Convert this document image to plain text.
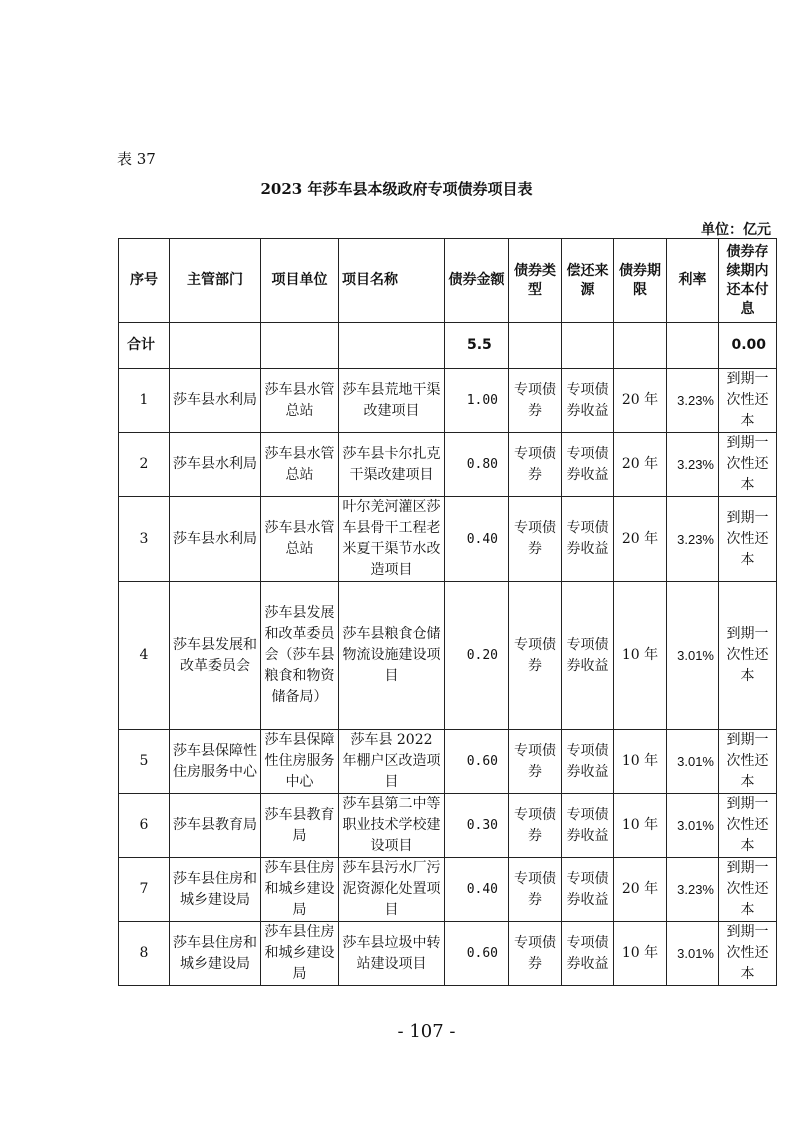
表 37
2023 年莎车县本级政府专项债券项目表
单位：亿元
序号	主管部门	项目单位	项目名称	债券金额	债券类型	偿还来源	债券期限	利率	债券存续期内还本付息
合计				5.5					0.00
1	莎车县水利局	莎车县水管总站	莎车县荒地干渠改建项目	1.00	专项债券	专项债券收益	20 年	3.23%	到期一次性还本
2	莎车县水利局	莎车县水管总站	莎车县卡尔扎克干渠改建项目	0.80	专项债券	专项债券收益	20 年	3.23%	到期一次性还本
3	莎车县水利局	莎车县水管总站	叶尔羌河灌区莎车县骨干工程老米夏干渠节水改造项目	0.40	专项债券	专项债券收益	20 年	3.23%	到期一次性还本
4	莎车县发展和改革委员会	莎车县发展和改革委员会（莎车县粮食和物资储备局）	莎车县粮食仓储物流设施建设项目	0.20	专项债券	专项债券收益	10 年	3.01%	到期一次性还本
5	莎车县保障性住房服务中心	莎车县保障性住房服务中心	莎车县 2022 年棚户区改造项目	0.60	专项债券	专项债券收益	10 年	3.01%	到期一次性还本
6	莎车县教育局	莎车县教育局	莎车县第二中等职业技术学校建设项目	0.30	专项债券	专项债券收益	10 年	3.01%	到期一次性还本
7	莎车县住房和城乡建设局	莎车县住房和城乡建设局	莎车县污水厂污泥资源化处置项目	0.40	专项债券	专项债券收益	20 年	3.23%	到期一次性还本
8	莎车县住房和城乡建设局	莎车县住房和城乡建设局	莎车县垃圾中转站建设项目	0.60	专项债券	专项债券收益	10 年	3.01%	到期一次性还本
- 107 -
